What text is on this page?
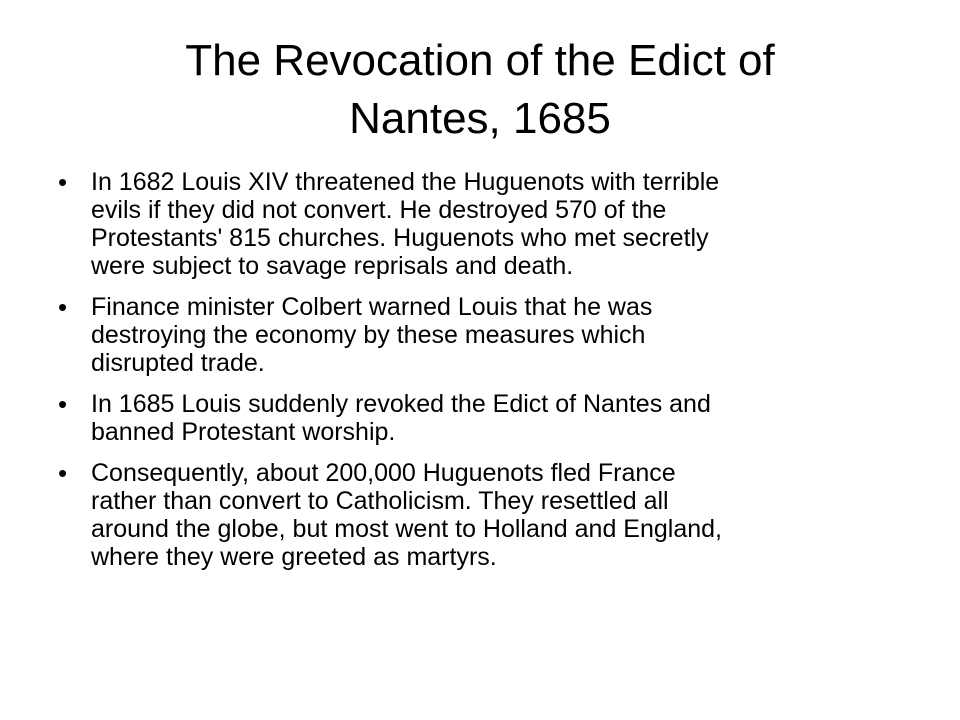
The Revocation of the Edict of
Nantes, 1685
• In 1682 Louis XIV threatened the Huguenots with terrible
evils if they did not convert. He destroyed 570 of the
Protestants' 815 churches. Huguenots who met secretly
were subject to savage reprisals and death.
• Finance minister Colbert warned Louis that he was
destroying the economy by these measures which
disrupted trade.
• In 1685 Louis suddenly revoked the Edict of Nantes and
banned Protestant worship.
• Consequently, about 200,000 Huguenots fled France
rather than convert to Catholicism. They resettled all
around the globe, but most went to Holland and England,
where they were greeted as martyrs.
